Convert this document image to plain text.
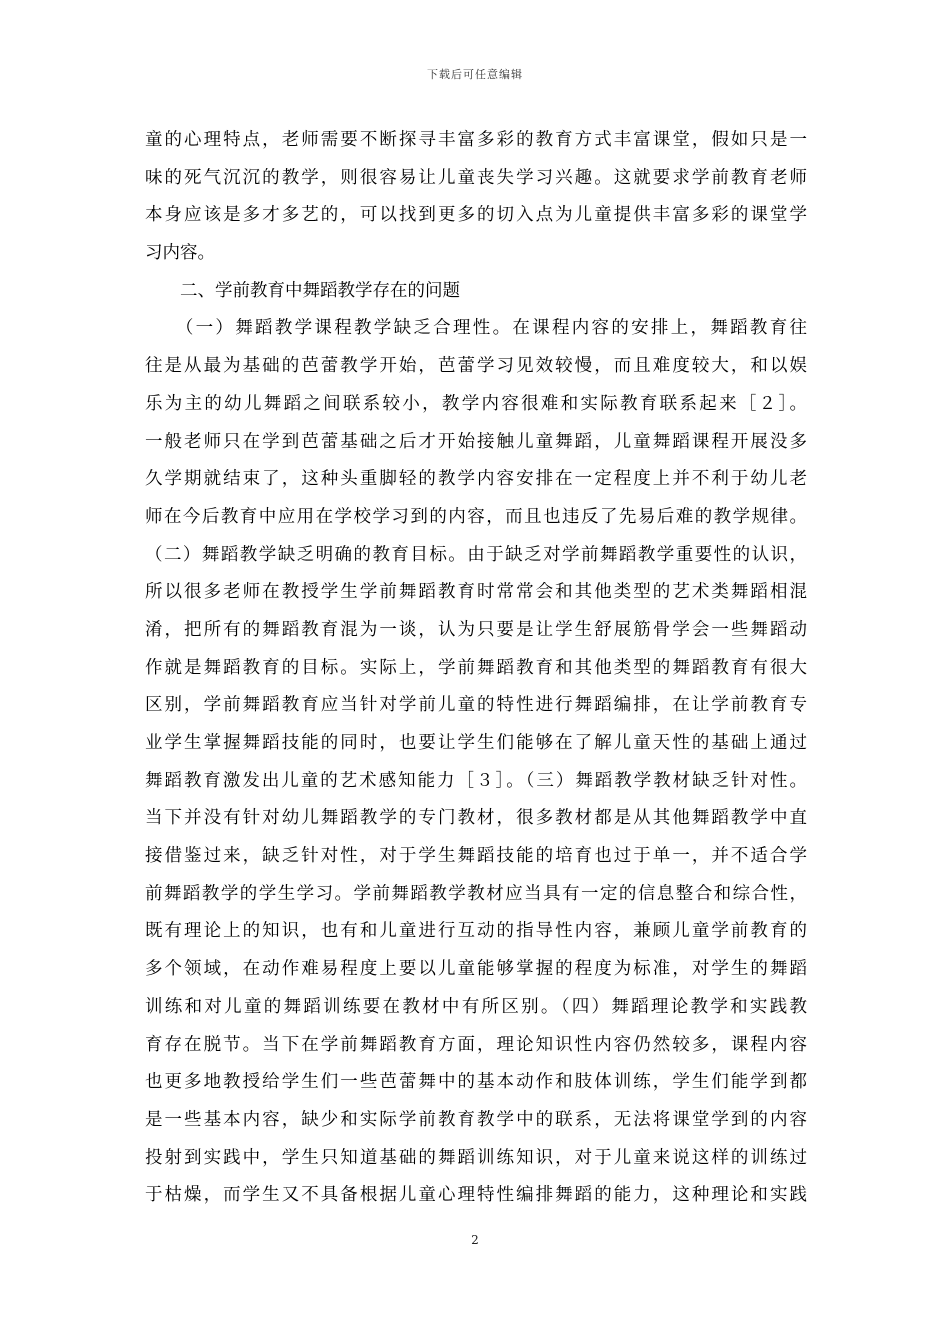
下载后可任意编辑
童的心理特点，老师需要不断探寻丰富多彩的教育方式丰富课堂，假如只是一
味的死气沉沉的教学，则很容易让儿童丧失学习兴趣。这就要求学前教育老师
本身应该是多才多艺的，可以找到更多的切入点为儿童提供丰富多彩的课堂学
习内容。
　　二、学前教育中舞蹈教学存在的问题
　　（一）舞蹈教学课程教学缺乏合理性。在课程内容的安排上，舞蹈教育往
往是从最为基础的芭蕾教学开始，芭蕾学习见效较慢，而且难度较大，和以娱
乐为主的幼儿舞蹈之间联系较小，教学内容很难和实际教育联系起来［２］。
一般老师只在学到芭蕾基础之后才开始接触儿童舞蹈，儿童舞蹈课程开展没多
久学期就结束了，这种头重脚轻的教学内容安排在一定程度上并不利于幼儿老
师在今后教育中应用在学校学习到的内容，而且也违反了先易后难的教学规律。
（二）舞蹈教学缺乏明确的教育目标。由于缺乏对学前舞蹈教学重要性的认识，
所以很多老师在教授学生学前舞蹈教育时常常会和其他类型的艺术类舞蹈相混
淆，把所有的舞蹈教育混为一谈，认为只要是让学生舒展筋骨学会一些舞蹈动
作就是舞蹈教育的目标。实际上，学前舞蹈教育和其他类型的舞蹈教育有很大
区别，学前舞蹈教育应当针对学前儿童的特性进行舞蹈编排，在让学前教育专
业学生掌握舞蹈技能的同时，也要让学生们能够在了解儿童天性的基础上通过
舞蹈教育激发出儿童的艺术感知能力［３］。（三）舞蹈教学教材缺乏针对性。
当下并没有针对幼儿舞蹈教学的专门教材，很多教材都是从其他舞蹈教学中直
接借鉴过来，缺乏针对性，对于学生舞蹈技能的培育也过于单一，并不适合学
前舞蹈教学的学生学习。学前舞蹈教学教材应当具有一定的信息整合和综合性，
既有理论上的知识，也有和儿童进行互动的指导性内容，兼顾儿童学前教育的
多个领域，在动作难易程度上要以儿童能够掌握的程度为标准，对学生的舞蹈
训练和对儿童的舞蹈训练要在教材中有所区别。（四）舞蹈理论教学和实践教
育存在脱节。当下在学前舞蹈教育方面，理论知识性内容仍然较多，课程内容
也更多地教授给学生们一些芭蕾舞中的基本动作和肢体训练，学生们能学到都
是一些基本内容，缺少和实际学前教育教学中的联系，无法将课堂学到的内容
投射到实践中，学生只知道基础的舞蹈训练知识，对于儿童来说这样的训练过
于枯燥，而学生又不具备根据儿童心理特性编排舞蹈的能力，这种理论和实践
2
